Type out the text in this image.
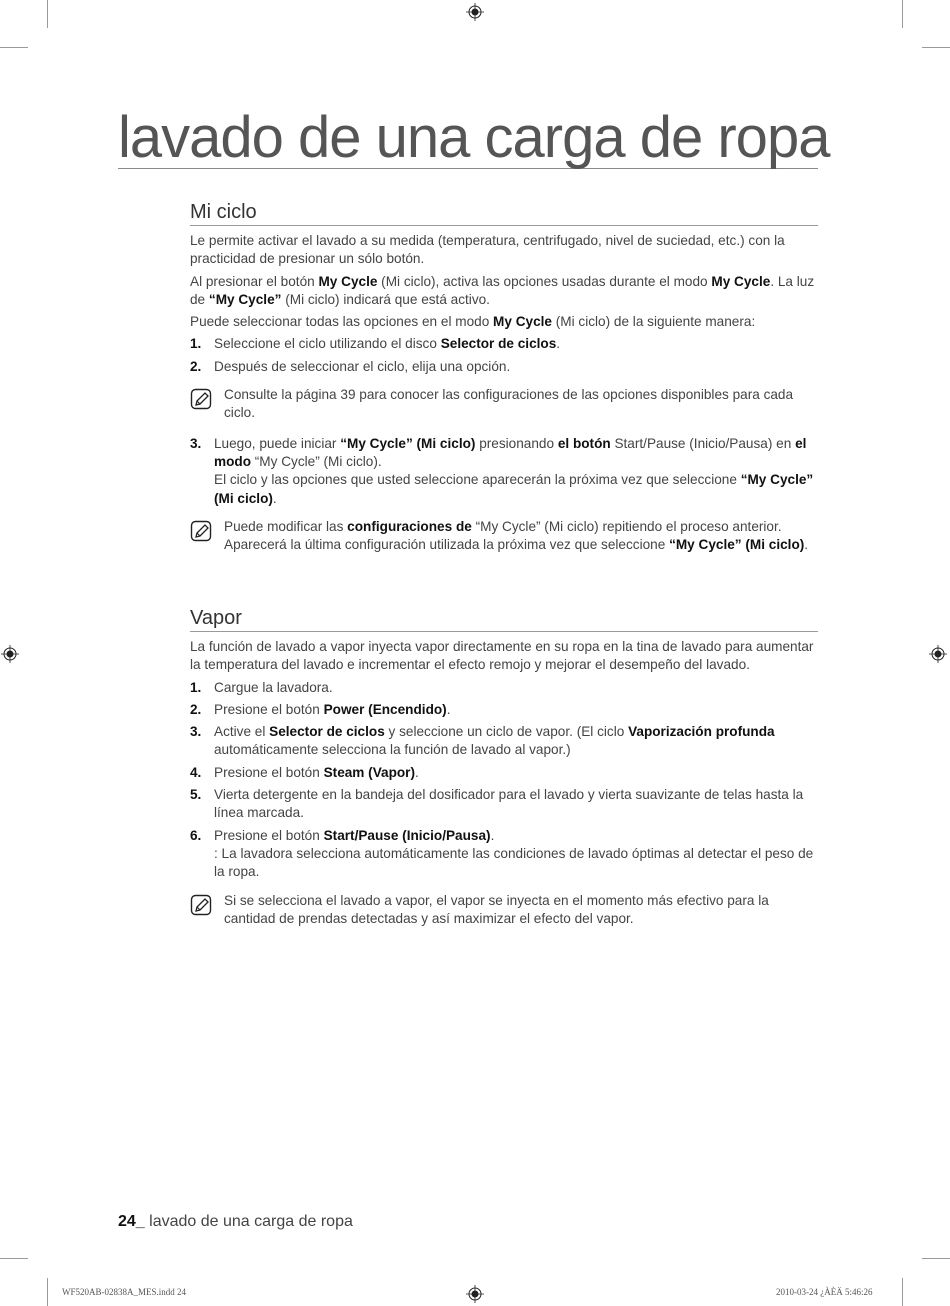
lavado de una carga de ropa
Mi ciclo

Le permite activar el lavado a su medida (temperatura, centrifugado, nivel de suciedad, etc.) con la practicidad de presionar un sólo botón.

Al presionar el botón My Cycle (Mi ciclo), activa las opciones usadas durante el modo My Cycle. La luz de “My Cycle” (Mi ciclo) indicará que está activo.

Puede seleccionar todas las opciones en el modo My Cycle (Mi ciclo) de la siguiente manera:

1. Seleccione el ciclo utilizando el disco Selector de ciclos.
2. Después de seleccionar el ciclo, elija una opción.
Consulte la página 39 para conocer las configuraciones de las opciones disponibles para cada ciclo.
3. Luego, puede iniciar “My Cycle” (Mi ciclo) presionando el botón Start/Pause (Inicio/Pausa) en el modo “My Cycle” (Mi ciclo).
El ciclo y las opciones que usted seleccione aparecerán la próxima vez que seleccione “My Cycle” (Mi ciclo).
Puede modificar las configuraciones de “My Cycle” (Mi ciclo) repitiendo el proceso anterior.
Aparecerá la última configuración utilizada la próxima vez que seleccione “My Cycle” (Mi ciclo).
Vapor

La función de lavado a vapor inyecta vapor directamente en su ropa en la tina de lavado para aumentar la temperatura del lavado e incrementar el efecto remojo y mejorar el desempeño del lavado.

1. Cargue la lavadora.
2. Presione el botón Power (Encendido).
3. Active el Selector de ciclos y seleccione un ciclo de vapor. (El ciclo Vaporización profunda automáticamente selecciona la función de lavado al vapor.)
4. Presione el botón Steam (Vapor).
5. Vierta detergente en la bandeja del dosificador para el lavado y vierta suavizante de telas hasta la línea marcada.
6. Presione el botón Start/Pause (Inicio/Pausa).
: La lavadora selecciona automáticamente las condiciones de lavado óptimas al detectar el peso de la ropa.
Si se selecciona el lavado a vapor, el vapor se inyecta en el momento más efectivo para la cantidad de prendas detectadas y así maximizar el efecto del vapor.
24_ lavado de una carga de ropa
WF520AB-02838A_MES.indd 24	2010-03-24 ¿ÀÈÄ 5:46:26
